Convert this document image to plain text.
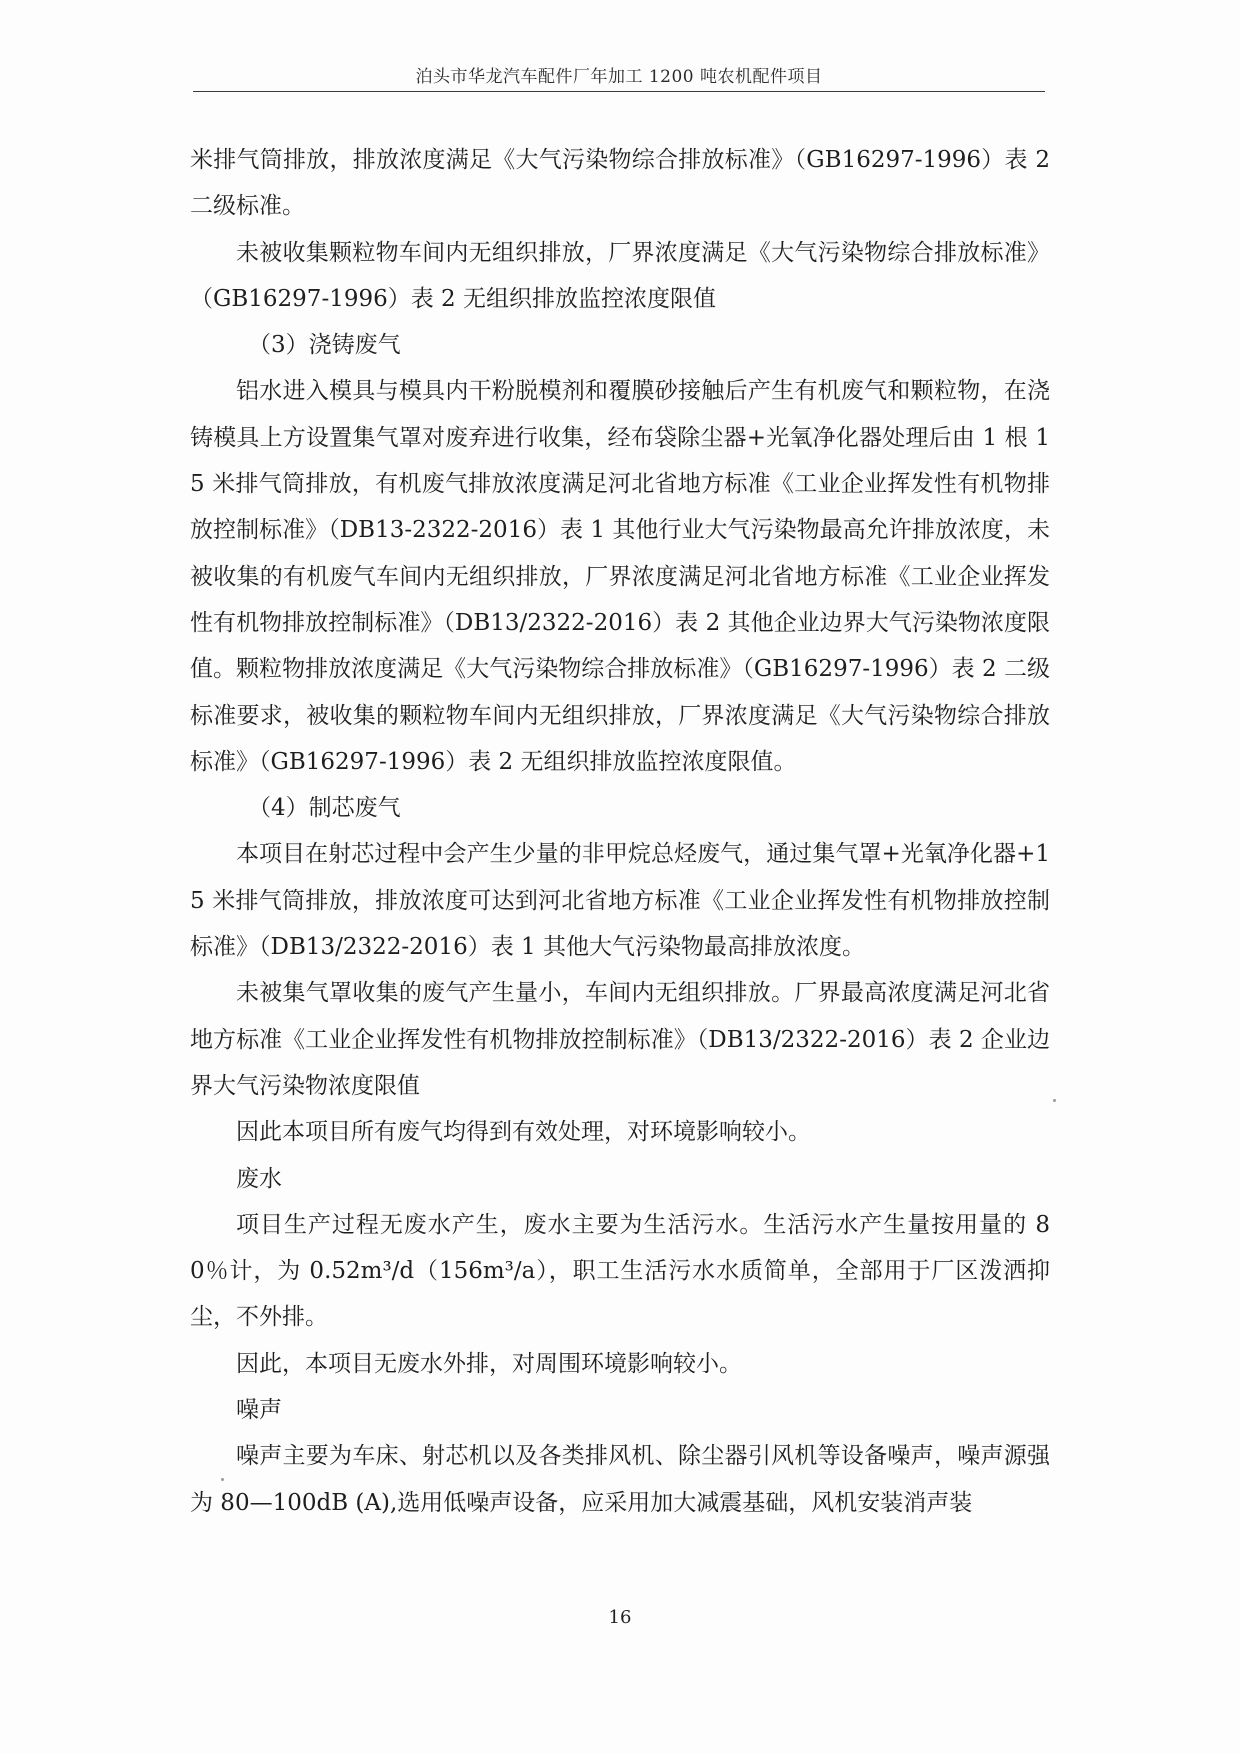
泊头市华龙汽车配件厂年加工 1200 吨农机配件项目

米排气筒排放，排放浓度满足《大气污染物综合排放标准》（GB16297-1996）表 2 二级标准。

未被收集颗粒物车间内无组织排放，厂界浓度满足《大气污染物综合排放标准》（GB16297-1996）表 2 无组织排放监控浓度限值

（3）浇铸废气

铝水进入模具与模具内干粉脱模剂和覆膜砂接触后产生有机废气和颗粒物，在浇铸模具上方设置集气罩对废弃进行收集，经布袋除尘器+光氧净化器处理后由 1 根 15 米排气筒排放，有机废气排放浓度满足河北省地方标准《工业企业挥发性有机物排放控制标准》（DB13-2322-2016）表 1 其他行业大气污染物最高允许排放浓度，未被收集的有机废气车间内无组织排放，厂界浓度满足河北省地方标准《工业企业挥发性有机物排放控制标准》（DB13/2322-2016）表 2 其他企业边界大气污染物浓度限值。颗粒物排放浓度满足《大气污染物综合排放标准》（GB16297-1996）表 2 二级标准要求，被收集的颗粒物车间内无组织排放，厂界浓度满足《大气污染物综合排放标准》（GB16297-1996）表 2 无组织排放监控浓度限值。

（4）制芯废气

本项目在射芯过程中会产生少量的非甲烷总烃废气，通过集气罩+光氧净化器+15 米排气筒排放，排放浓度可达到河北省地方标准《工业企业挥发性有机物排放控制标准》（DB13/2322-2016）表 1 其他大气污染物最高排放浓度。

未被集气罩收集的废气产生量小，车间内无组织排放。厂界最高浓度满足河北省地方标准《工业企业挥发性有机物排放控制标准》（DB13/2322-2016）表 2 企业边界大气污染物浓度限值

因此本项目所有废气均得到有效处理，对环境影响较小。

废水

项目生产过程无废水产生，废水主要为生活污水。生活污水产生量按用量的 80％计，为 0.52m³/d（156m³/a），职工生活污水水质简单，全部用于厂区泼洒抑尘，不外排。

因此，本项目无废水外排，对周围环境影响较小。

噪声

噪声主要为车床、射芯机以及各类排风机、除尘器引风机等设备噪声，噪声源强为 80—100dB (A),选用低噪声设备，应采用加大减震基础，风机安装消声装

16
